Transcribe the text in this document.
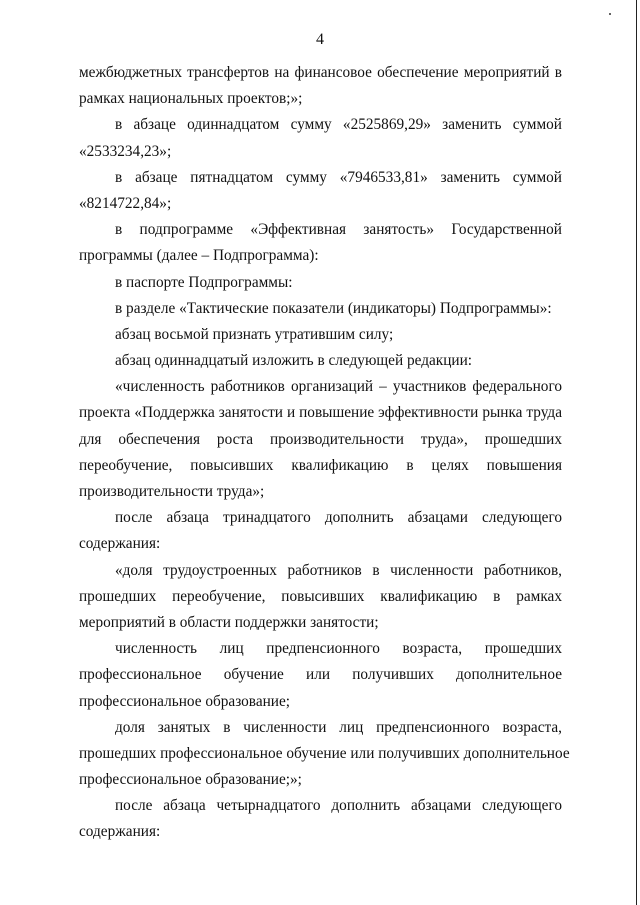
4
межбюджетных трансфертов на финансовое обеспечение мероприятий в
рамках национальных проектов;»;
в абзаце одиннадцатом сумму «2525869,29» заменить суммой
«2533234,23»;
в абзаце пятнадцатом сумму «7946533,81» заменить суммой
«8214722,84»;
в подпрограмме «Эффективная занятость» Государственной
программы (далее – Подпрограмма):
в паспорте Подпрограммы:
в разделе «Тактические показатели (индикаторы) Подпрограммы»:
абзац восьмой признать утратившим силу;
абзац одиннадцатый изложить в следующей редакции:
«численность работников организаций – участников федерального
проекта «Поддержка занятости и повышение эффективности рынка труда
для обеспечения роста производительности труда», прошедших
переобучение, повысивших квалификацию в целях повышения
производительности труда»;
после абзаца тринадцатого дополнить абзацами следующего
содержания:
«доля трудоустроенных работников в численности работников,
прошедших переобучение, повысивших квалификацию в рамках
мероприятий в области поддержки занятости;
численность лиц предпенсионного возраста, прошедших
профессиональное обучение или получивших дополнительное
профессиональное образование;
доля занятых в численности лиц предпенсионного возраста,
прошедших профессиональное обучение или получивших дополнительное
профессиональное образование;»;
после абзаца четырнадцатого дополнить абзацами следующего
содержания:
